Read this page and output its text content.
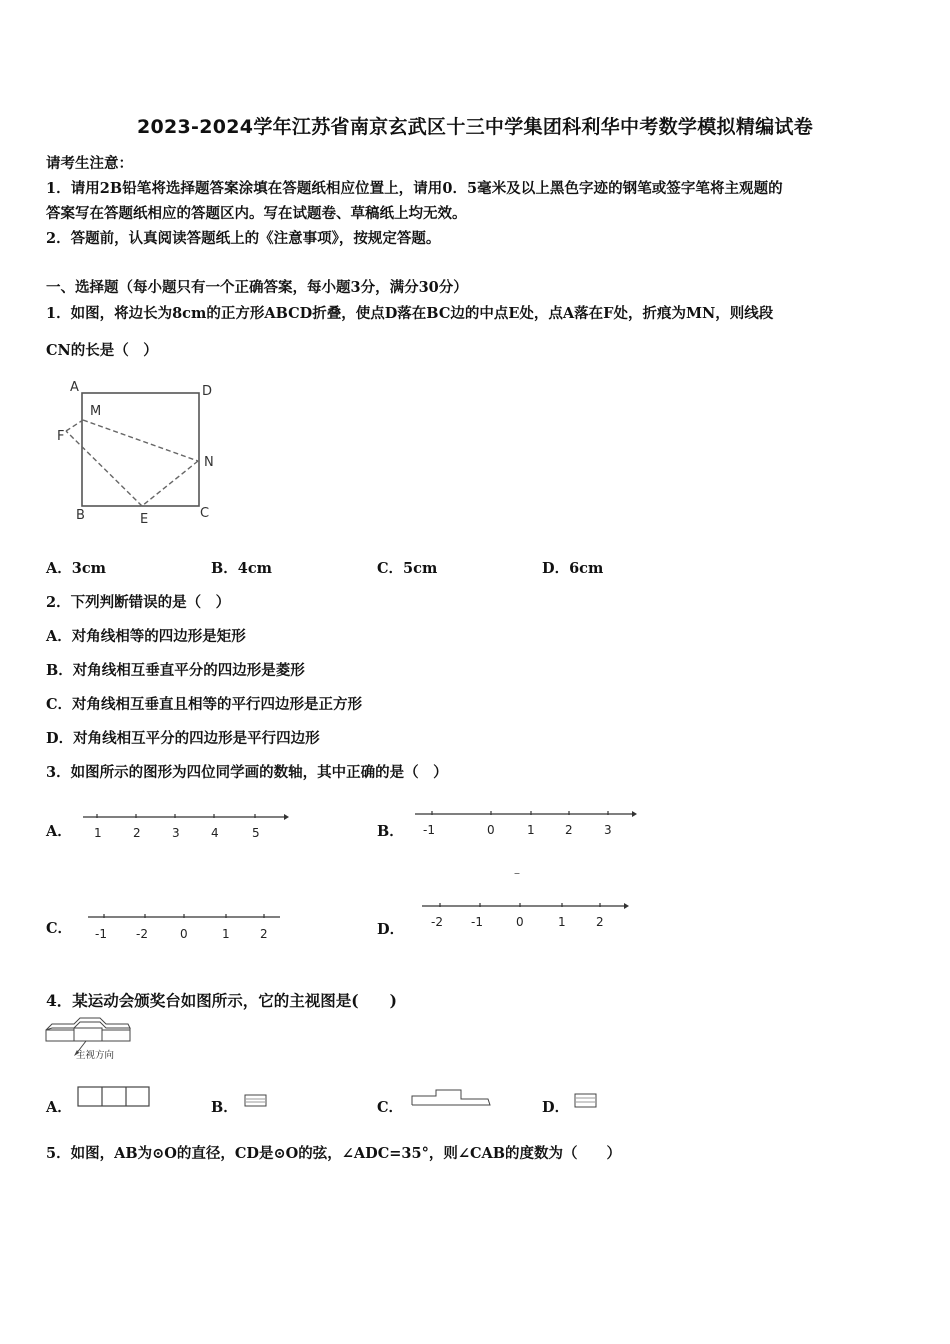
2023-2024学年江苏省南京玄武区十三中学集团科利华中考数学模拟精编试卷
请考生注意：
1．请用2B铅笔将选择题答案涂填在答题纸相应位置上，请用0．5毫米及以上黑色字迹的钢笔或签字笔将主观题的
答案写在答题纸相应的答题区内。写在试题卷、草稿纸上均无效。
2．答题前，认真阅读答题纸上的《注意事项》，按规定答题。
一、选择题（每小题只有一个正确答案，每小题3分，满分30分）
1．如图，将边长为8cm的正方形ABCD折叠，使点D落在BC边的中点E处，点A落在F处，折痕为MN，则线段
CN的长是（　）
A	D
M
F
N
B	E	C
A．3cm	B．4cm	C．5cm	D．6cm
2．下列判断错误的是（　）
A．对角线相等的四边形是矩形
B．对角线相互垂直平分的四边形是菱形
C．对角线相互垂直且相等的平行四边形是正方形
D．对角线相互平分的四边形是平行四边形
3．如图所示的图形为四位同学画的数轴，其中正确的是（　）
A． 1	2	3	4	5	B． -1	0	1	2	3
–
C． -1 -2	0	1	2	D． -2 -1	0	1	2
4．某运动会颁奖台如图所示，它的主视图是(　　)
主视方向
A．	B．	C．	D．
5．如图，AB为⊙O的直径，CD是⊙O的弦，∠ADC=35°，则∠CAB的度数为（　　）
